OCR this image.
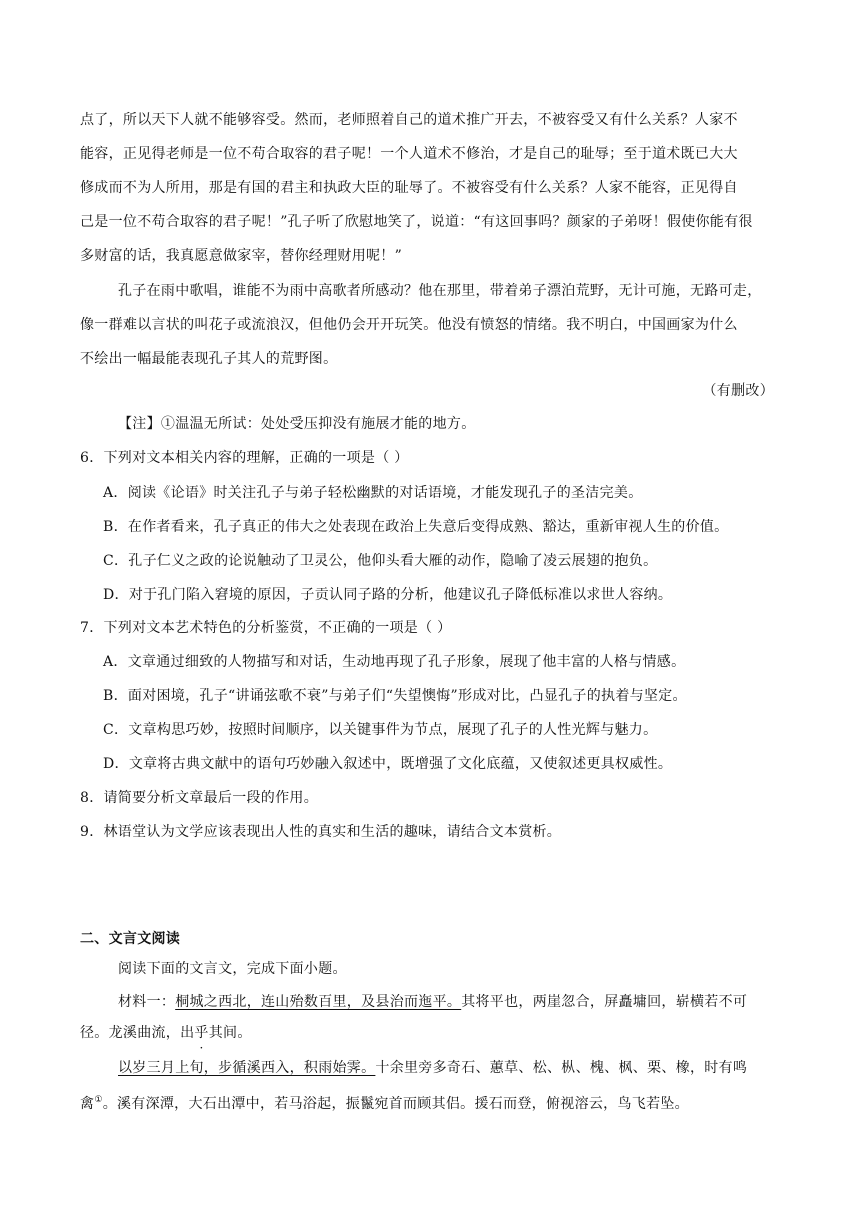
点了，所以天下人就不能够容受。然而，老师照着自己的道术推广开去，不被容受又有什么关系？人家不
能容，正见得老师是一位不苟合取容的君子呢！一个人道术不修治，才是自己的耻辱；至于道术既已大大
修成而不为人所用，那是有国的君主和执政大臣的耻辱了。不被容受有什么关系？人家不能容，正见得自
己是一位不苟合取容的君子呢！”孔子听了欣慰地笑了，说道：“有这回事吗？颜家的子弟呀！假使你能有很
多财富的话，我真愿意做家宰，替你经理财用呢！”
孔子在雨中歌唱，谁能不为雨中高歌者所感动？他在那里，带着弟子漂泊荒野，无计可施，无路可走，
像一群难以言状的叫花子或流浪汉，但他仍会开开玩笑。他没有愤怒的情绪。我不明白，中国画家为什么
不绘出一幅最能表现孔子其人的荒野图。
（有删改）
【注】①温温无所试：处处受压抑没有施展才能的地方。
6．下列对文本相关内容的理解，正确的一项是（ ）
A．阅读《论语》时关注孔子与弟子轻松幽默的对话语境，才能发现孔子的圣洁完美。
B．在作者看来，孔子真正的伟大之处表现在政治上失意后变得成熟、豁达，重新审视人生的价值。
C．孔子仁义之政的论说触动了卫灵公，他仰头看大雁的动作，隐喻了凌云展翅的抱负。
D．对于孔门陷入窘境的原因，子贡认同子路的分析，他建议孔子降低标准以求世人容纳。
7．下列对文本艺术特色的分析鉴赏，不正确的一项是（ ）
A．文章通过细致的人物描写和对话，生动地再现了孔子形象，展现了他丰富的人格与情感。
B．面对困境，孔子“讲诵弦歌不衰”与弟子们“失望懊悔”形成对比，凸显孔子的执着与坚定。
C．文章构思巧妙，按照时间顺序，以关键事件为节点，展现了孔子的人性光辉与魅力。
D．文章将古典文献中的语句巧妙融入叙述中，既增强了文化底蕴，又使叙述更具权威性。
8．请简要分析文章最后一段的作用。
9．林语堂认为文学应该表现出人性的真实和生活的趣味，请结合文本赏析。
二、文言文阅读
阅读下面的文言文，完成下面小题。
材料一：桐城之西北，连山殆数百里，及县治而迤平。其将平也，两崖忽合，屏矗墉回，崭横若不可
径。龙溪曲流，出乎其间。
以岁三月上旬，步循溪西入，积雨始霁。十余里旁多奇石、蕙草、松、枞、槐、枫、栗、橡，时有鸣
禽①。溪有深潭，大石出潭中，若马浴起，振鬣宛首而顾其侣。援石而登，俯视溶云，鸟飞若坠。
